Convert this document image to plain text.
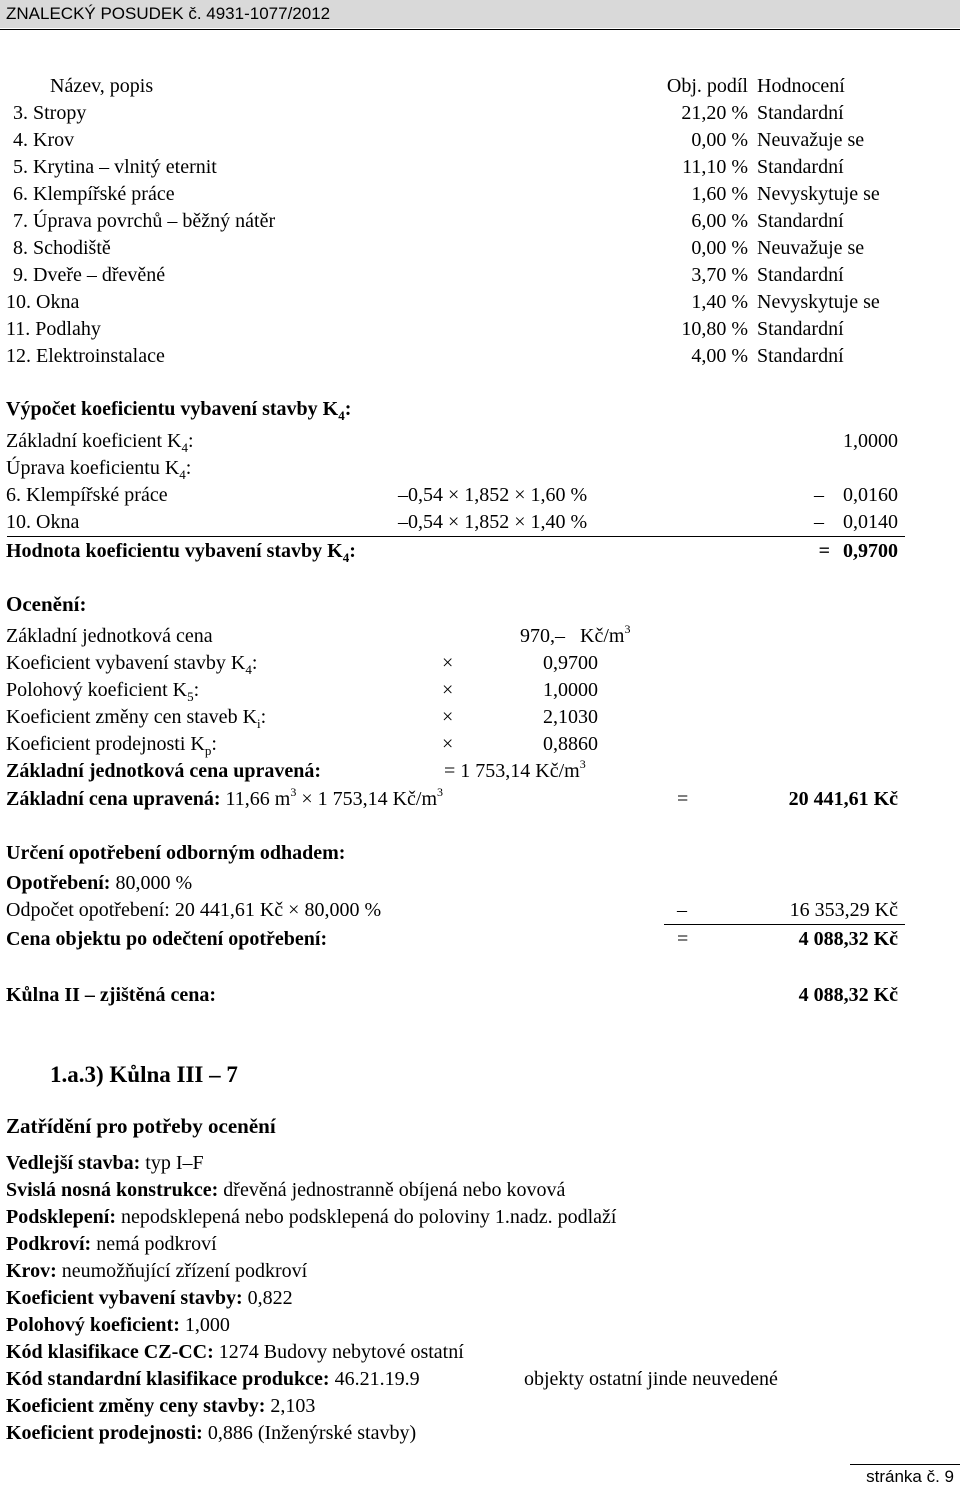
ZNALECKÝ POSUDEK č. 4931-1077/2012
Název, popis	Obj. podíl Hodnocení
3. Stropy	21,20 % Standardní
4. Krov	0,00 % Neuvažuje se
5. Krytina – vlnitý eternit	11,10 % Standardní
6. Klempířské práce	1,60 % Nevyskytuje se
7. Úprava povrchů – běžný nátěr	6,00 % Standardní
8. Schodiště	0,00 % Neuvažuje se
9. Dveře – dřevěné	3,70 % Standardní
10. Okna	1,40 % Nevyskytuje se
11. Podlahy	10,80 % Standardní
12. Elektroinstalace	4,00 % Standardní
Výpočet koeficientu vybavení stavby $K_4$:
Základní koeficient $K_4$:	1,0000
Úprava koeficientu $K_4$:
6. Klempířské práce	–0,54 × 1,852 × 1,60 %	– 0,0160
10. Okna	–0,54 × 1,852 × 1,40 %	– 0,0140
Hodnota koeficientu vybavení stavby $K_4$:	= 0,9700
Ocenění:
Základní jednotková cena	970,– $Kč/m^3$
Koeficient vybavení stavby $K_4$:	×	0,9700
Polohový koeficient $K_5$:	×	1,0000
Koeficient změny cen staveb $K_i$:	×	2,1030
Koeficient prodejnosti $K_p$:	×	0,8860
Základní jednotková cena upravená:	= 1 753,14 $Kč/m^3$
Základní cena upravená: 11,66 $m^3 \times 1$ 753,14 $Kč/m^3$	=	20 441,61 Kč
Určení opotřebení odborným odhadem:
Opotřebení: 80,000 %
Odpočet opotřebení: 20 441,61 Kč × 80,000 %	–	16 353,29 Kč
Cena objektu po odečtení opotřebení:	=	4 088,32 Kč
Kůlna II – zjištěná cena:	4 088,32 Kč
1.a.3) Kůlna III – 7
Zatřídění pro potřeby ocenění
Vedlejší stavba: typ I–F
Svislá nosná konstrukce: dřevěná jednostranně obíjená nebo kovová
Podsklepení: nepodsklepená nebo podsklepená do poloviny 1.nadz. podlaží
Podkroví: nemá podkroví
Krov: neumožňující zřízení podkroví
Koeficient vybavení stavby: 0,822
Polohový koeficient: 1,000
Kód klasifikace CZ-CC: 1274 Budovy nebytové ostatní
Kód standardní klasifikace produkce: 46.21.19.9	objekty ostatní jinde neuvedené
Koeficient změny ceny stavby: 2,103
Koeficient prodejnosti: 0,886 (Inženýrské stavby)
stránka č. 9
